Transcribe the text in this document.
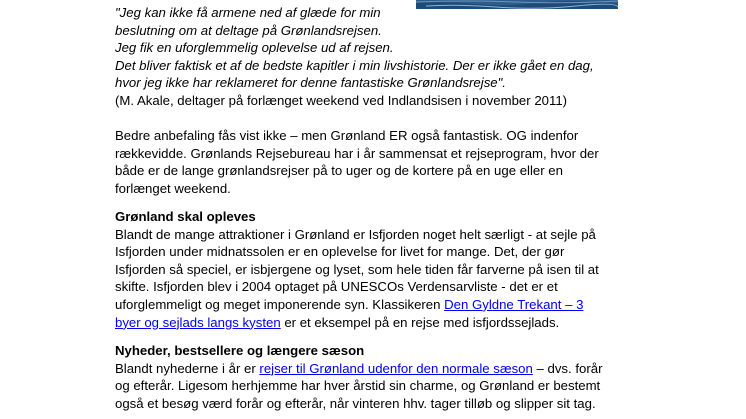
"Jeg kan ikke få armene ned af glæde for min
beslutning om at deltage på Grønlandsrejsen.
Jeg fik en uforglemmelig oplevelse ud af rejsen.
Det bliver faktisk et af de bedste kapitler i min livshistorie. Der er ikke gået en dag,
hvor jeg ikke har reklameret for denne fantastiske Grønlandsrejse".
(M. Akale, deltager på forlænget weekend ved Indlandsisen i november 2011)
Bedre anbefaling fås vist ikke – men Grønland ER også fantastisk. OG indenfor
rækkevidde. Grønlands Rejsebureau har i år sammensat et rejseprogram, hvor der
både er de lange grønlandsrejser på to uger og de kortere på en uge eller en
forlænget weekend.
Grønland skal opleves
Blandt de mange attraktioner i Grønland er Isfjorden noget helt særligt - at sejle på
Isfjorden under midnatssolen er en oplevelse for livet for mange. Det, der gør
Isfjorden så speciel, er isbjergene og lyset, som hele tiden får farverne på isen til at
skifte. Isfjorden blev i 2004 optaget på UNESCOs Verdensarvliste - det er et
uforglemmeligt og meget imponerende syn. Klassikeren Den Gyldne Trekant – 3
byer og sejlads langs kysten er et eksempel på en rejse med isfjordssejlads.
Nyheder, bestsellere og længere sæson
Blandt nyhederne i år er rejser til Grønland udenfor den normale sæson – dvs. forår
og efterår. Ligesom herhjemme har hver årstid sin charme, og Grønland er bestemt
også et besøg værd forår og efterår, når vinteren hhv. tager tilløb og slipper sit tag.
